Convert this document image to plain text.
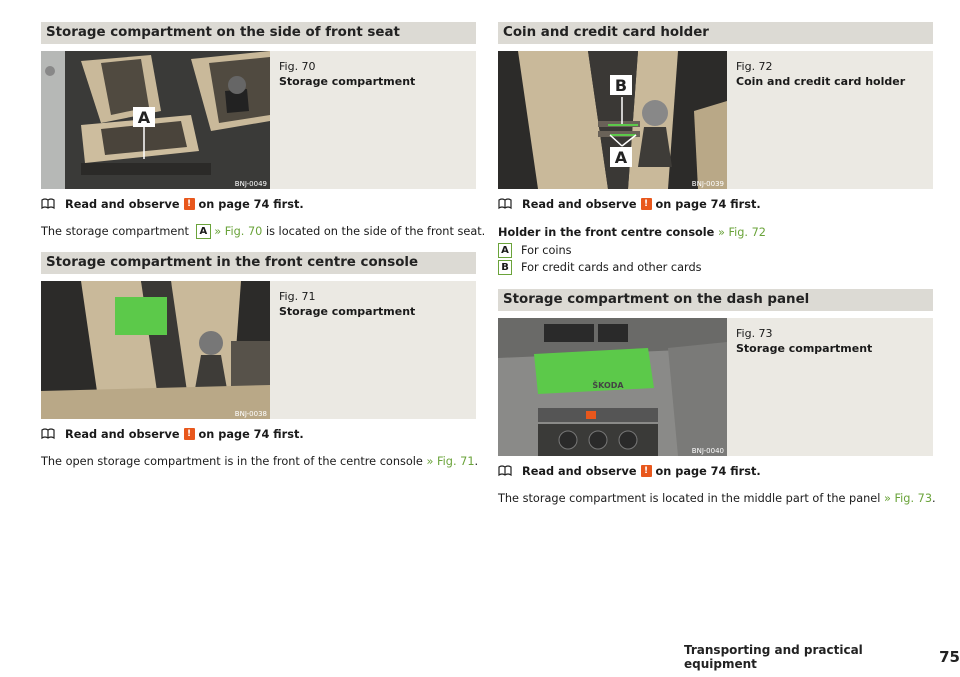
Storage compartment on the side of front seat
A
BNJ-0049
Fig. 70
Storage compartment
Read and observe ! on page 74 first.
The storage compartment A » Fig. 70 is located on the side of the front seat.
Storage compartment in the front centre console
BNJ-0038
Fig. 71
Storage compartment
Read and observe ! on page 74 first.
The open storage compartment is in the front of the centre console » Fig. 71.
Coin and credit card holder
B
A
BNJ-0039
Fig. 72
Coin and credit card holder
Read and observe ! on page 74 first.
Holder in the front centre console » Fig. 72
A For coins
B For credit cards and other cards
Storage compartment on the dash panel
ŠKODA
BNJ-0040
Fig. 73
Storage compartment
Read and observe ! on page 74 first.
The storage compartment is located in the middle part of the panel » Fig. 73.
Transporting and practical equipment	75
